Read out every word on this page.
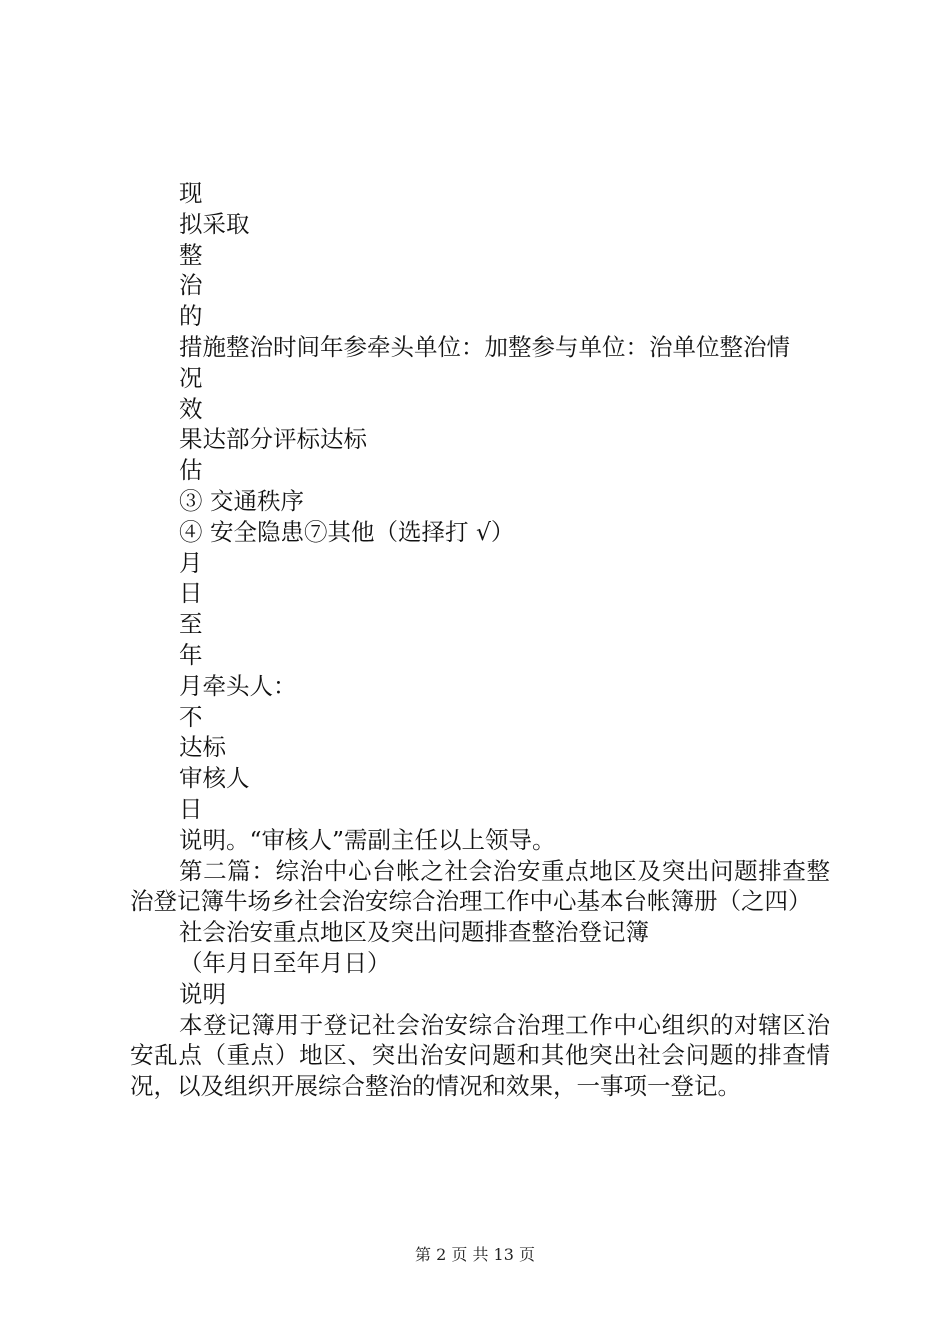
现
拟采取
整
治
的
措施整治时间年参牵头单位：加整参与单位：治单位整治情
况
效
果达部分评标达标
估
③ 交通秩序
④ 安全隐患⑦其他（选择打 √）
月
日
至
年
月牵头人：
不
达标
审核人
日
说明。“审核人”需副主任以上领导。
第二篇：综治中心台帐之社会治安重点地区及突出问题排查整治登记簿牛场乡社会治安综合治理工作中心基本台帐簿册（之四）
社会治安重点地区及突出问题排查整治登记簿
（年月日至年月日）
说明
本登记簿用于登记社会治安综合治理工作中心组织的对辖区治安乱点（重点）地区、突出治安问题和其他突出社会问题的排查情况，以及组织开展综合整治的情况和效果，一事项一登记。
第 2 页 共 13 页
